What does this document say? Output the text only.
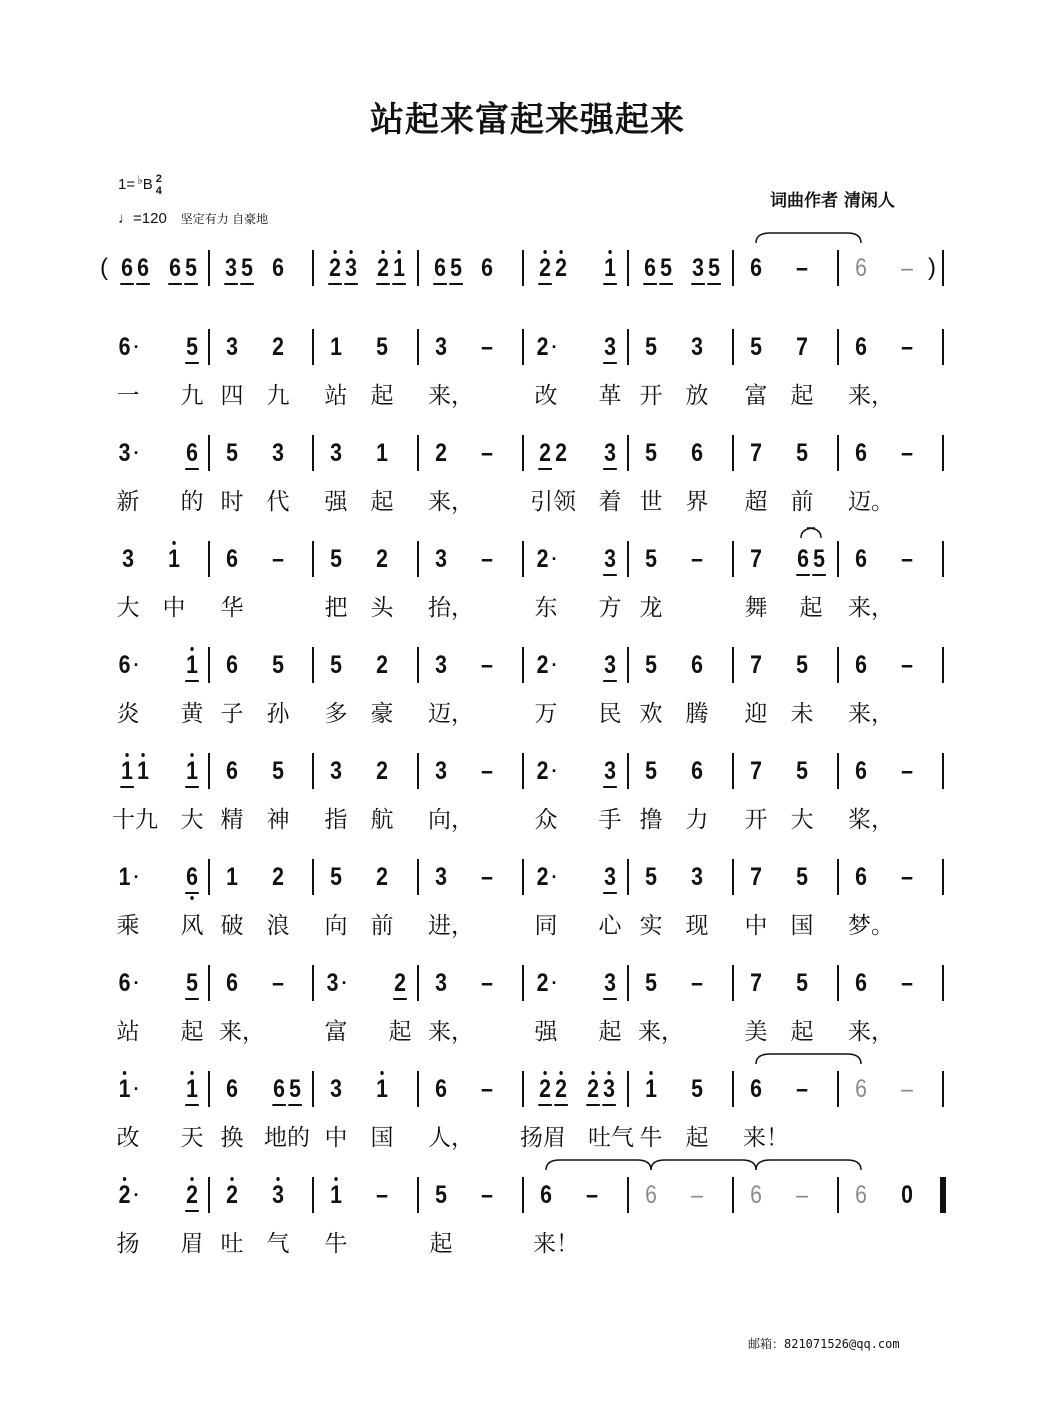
站起来富起来强起来
1= ♭ B 2
4
♩=120 坚定有力 自豪地
词曲作者 清闲人
6 6 6 5 3 5 6 2 3 2 1 6 5 6 2 2 1 6 5 3 5 6 – 6 –
(	)
6 · 5 3 2 1 5 3 – 2 · 3 5 3 5 7 6 –
一 九 四 九 站 起 来，	改 革 开 放 富 起 来，
3 · 6 5 3 3 1 2 – 2 2 3 5 6 7 5 6 –
新 的 时 代 强 起 来， 引领 着 世 界 超 前 迈。
3 1 6 – 5 2 3 – 2 · 3 5 – 7 6 5 6 –
大 中 华	把 头 抬，	东 方 龙	舞 起 来，
6 · 1 6 5 5 2 3 – 2 · 3 5 6 7 5 6 –
炎 黄 子 孙 多 豪 迈，	万 民 欢 腾 迎 未 来，
1 1 1 6 5 3 2 3 – 2 · 3 5 6 7 5 6 –
十九 大 精 神 指 航 向，	众 手 撸 力 开 大 桨，
1 · 6 1 2 5 2 3 – 2 · 3 5 3 7 5 6 –
乘 风 破 浪 向 前 进，	同 心 实 现 中 国 梦。
6 · 5 6 – 3 · 2 3 – 2 · 3 5 – 7 5 6 –
站 起 来，	富 起 来，	强 起 来，	美 起 来，
1 · 1 6 6 5 3 1 6 – 2 2 2 3 1 5 6 – 6 –
改 天 换 地的 中 国 人， 扬眉 吐气 牛 起 来！
2 · 2 2 3 1 – 5 – 6 – 6 – 6 – 6 0
扬 眉 吐 气 牛	起	来！
邮箱：821071526@qq.com
